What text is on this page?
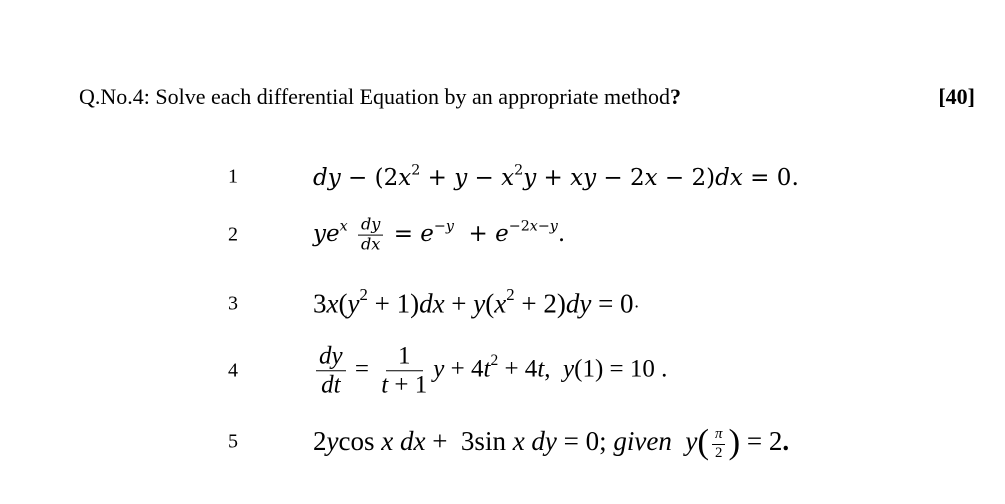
Q.No.4: Solve each differential Equation by an appropriate method?	[40]
1	dy − ($2x^2 + y - x^2y$ + xy − 2x − 2)dx = 0.
2	$ye^x \frac{dy}{dx} = e^{-y} + e^{-2x-y}$.
3	$3x(y^2 + 1)dx + y(x^2 + 2)dy = 0\cdot$
4	$\frac{dy}{dt} = \frac{1}{t + 1}$ $y + 4t^2 + 4t$,  y(1) = 10 .
5	2ycos x dx +  3sin x dy = 0; given  $y( \frac{\pi}{2}$ ) = 2.
